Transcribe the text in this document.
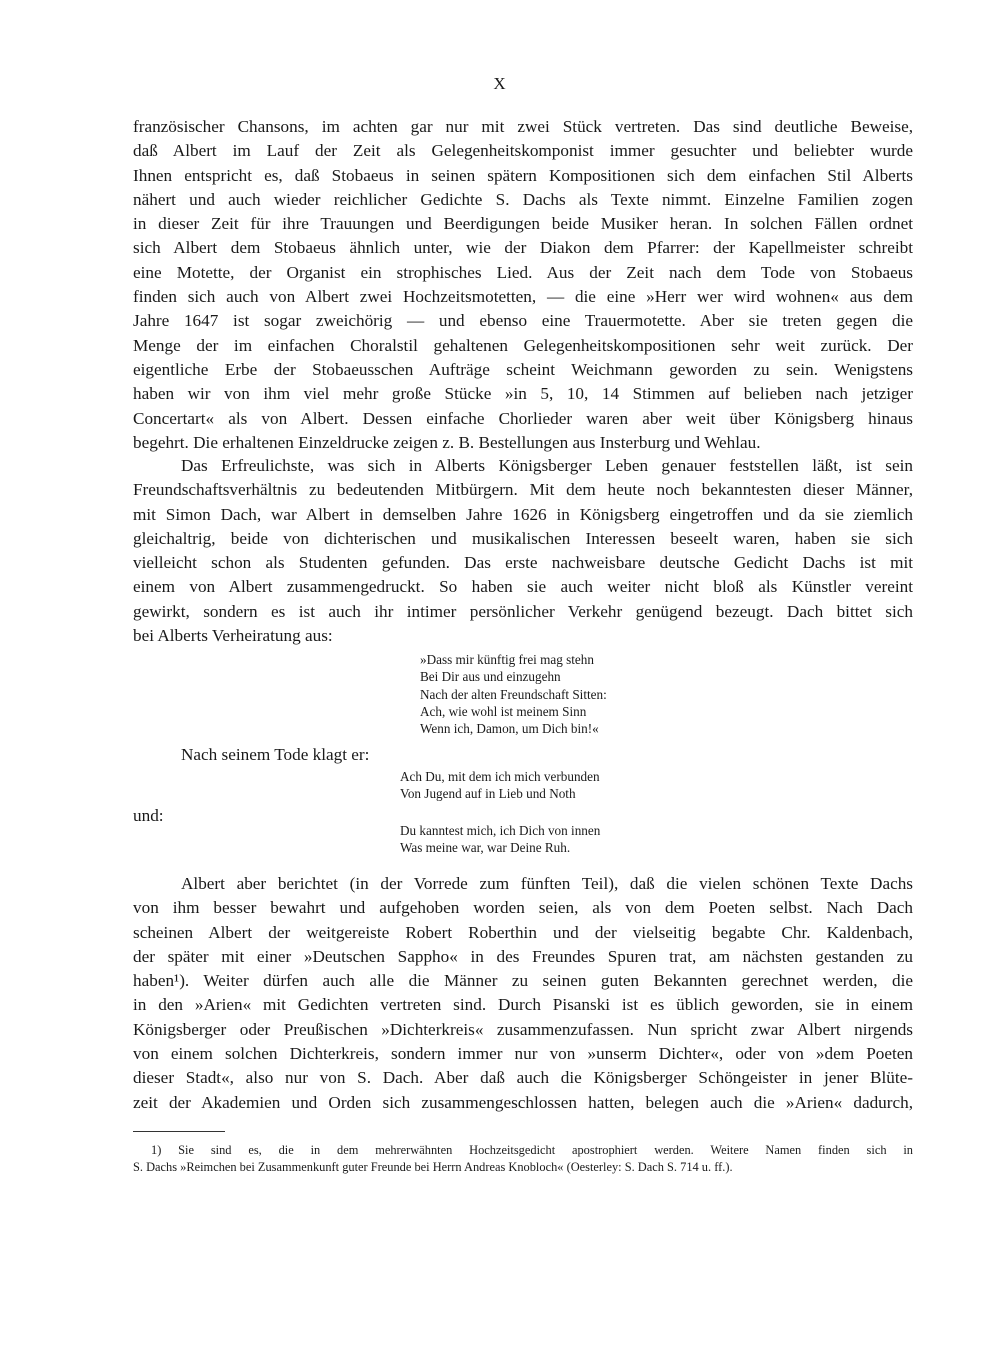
X
französischer Chansons, im achten gar nur mit zwei Stück vertreten. Das sind deutliche Beweise,
daß Albert im Lauf der Zeit als Gelegenheitskomponist immer gesuchter und beliebter wurde
Ihnen entspricht es, daß Stobaeus in seinen spätern Kompositionen sich dem einfachen Stil Alberts
nähert und auch wieder reichlicher Gedichte S. Dachs als Texte nimmt. Einzelne Familien zogen
in dieser Zeit für ihre Trauungen und Beerdigungen beide Musiker heran. In solchen Fällen ordnet
sich Albert dem Stobaeus ähnlich unter, wie der Diakon dem Pfarrer: der Kapellmeister schreibt
eine Motette, der Organist ein strophisches Lied. Aus der Zeit nach dem Tode von Stobaeus
finden sich auch von Albert zwei Hochzeitsmotetten, — die eine »Herr wer wird wohnen« aus dem
Jahre 1647 ist sogar zweichörig — und ebenso eine Trauermotette. Aber sie treten gegen die
Menge der im einfachen Choralstil gehaltenen Gelegenheitskompositionen sehr weit zurück. Der
eigentliche Erbe der Stobaeusschen Aufträge scheint Weichmann geworden zu sein. Wenigstens
haben wir von ihm viel mehr große Stücke »in 5, 10, 14 Stimmen auf belieben nach jetziger
Concertart« als von Albert. Dessen einfache Chorlieder waren aber weit über Königsberg hinaus
begehrt. Die erhaltenen Einzeldrucke zeigen z. B. Bestellungen aus Insterburg und Wehlau.
Das Erfreulichste, was sich in Alberts Königsberger Leben genauer feststellen läßt, ist sein
Freundschaftsverhältnis zu bedeutenden Mitbürgern. Mit dem heute noch bekanntesten dieser Männer,
mit Simon Dach, war Albert in demselben Jahre 1626 in Königsberg eingetroffen und da sie ziemlich
gleichaltrig, beide von dichterischen und musikalischen Interessen beseelt waren, haben sie sich
vielleicht schon als Studenten gefunden. Das erste nachweisbare deutsche Gedicht Dachs ist mit
einem von Albert zusammengedruckt. So haben sie auch weiter nicht bloß als Künstler vereint
gewirkt, sondern es ist auch ihr intimer persönlicher Verkehr genügend bezeugt. Dach bittet sich
bei Alberts Verheiratung aus:
»Dass mir künftig frei mag stehn
Bei Dir aus und einzugehn
Nach der alten Freundschaft Sitten:
Ach, wie wohl ist meinem Sinn
Wenn ich, Damon, um Dich bin!«
Nach seinem Tode klagt er:
Ach Du, mit dem ich mich verbunden
Von Jugend auf in Lieb und Noth
und:
Du kanntest mich, ich Dich von innen
Was meine war, war Deine Ruh.
Albert aber berichtet (in der Vorrede zum fünften Teil), daß die vielen schönen Texte Dachs
von ihm besser bewahrt und aufgehoben worden seien, als von dem Poeten selbst. Nach Dach
scheinen Albert der weitgereiste Robert Roberthin und der vielseitig begabte Chr. Kaldenbach,
der später mit einer »Deutschen Sappho« in des Freundes Spuren trat, am nächsten gestanden zu
haben¹). Weiter dürfen auch alle die Männer zu seinen guten Bekannten gerechnet werden, die
in den »Arien« mit Gedichten vertreten sind. Durch Pisanski ist es üblich geworden, sie in einem
Königsberger oder Preußischen »Dichterkreis« zusammenzufassen. Nun spricht zwar Albert nirgends
von einem solchen Dichterkreis, sondern immer nur von »unserm Dichter«, oder von »dem Poeten
dieser Stadt«, also nur von S. Dach. Aber daß auch die Königsberger Schöngeister in jener Blüte-
zeit der Akademien und Orden sich zusammengeschlossen hatten, belegen auch die »Arien« dadurch,
1) Sie sind es, die in dem mehrerwähnten Hochzeitsgedicht apostrophiert werden. Weitere Namen finden sich in
S. Dachs »Reimchen bei Zusammenkunft guter Freunde bei Herrn Andreas Knobloch« (Oesterley: S. Dach S. 714 u. ff.).
